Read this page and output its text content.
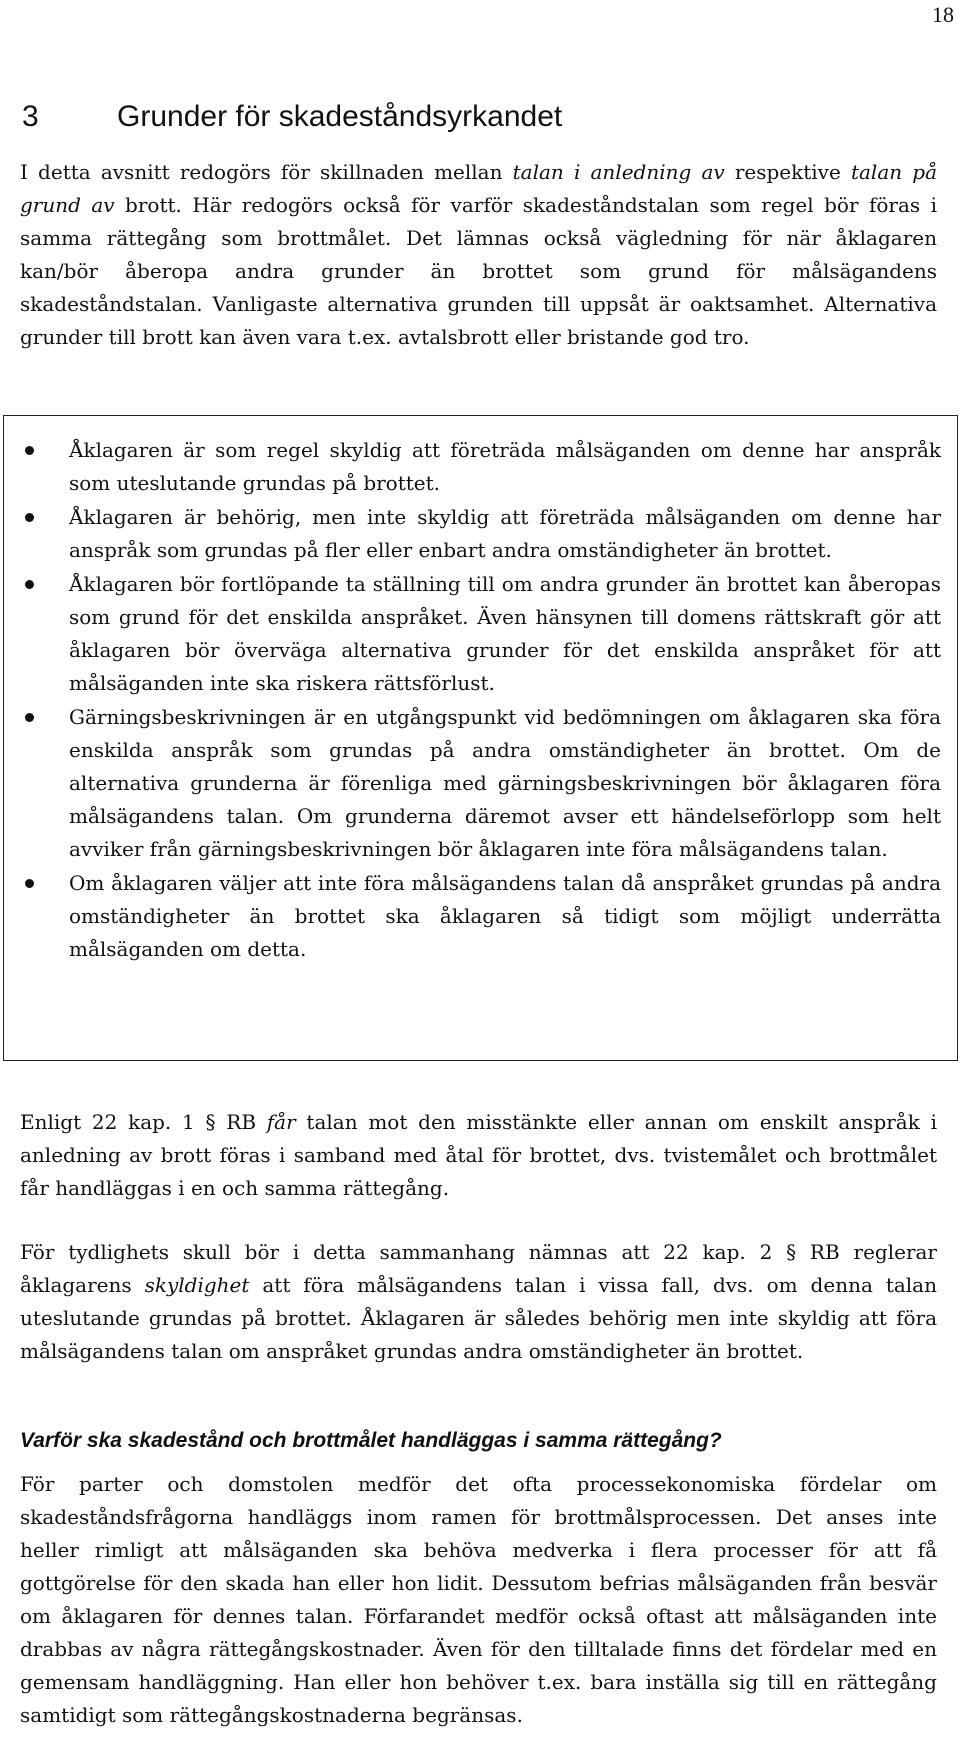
18
3	Grunder för skadeståndsyrkandet

I detta avsnitt redogörs för skillnaden mellan talan i anledning av respektive talan på grund av brott. Här redogörs också för varför skadeståndstalan som regel bör föras i samma rättegång som brottmålet. Det lämnas också vägledning för när åklagaren kan/bör åberopa andra grunder än brottet som grund för målsägandens skadeståndstalan. Vanligaste alternativa grunden till uppsåt är oaktsamhet. Alternativa grunder till brott kan även vara t.ex. avtalsbrott eller bristande god tro.

Åklagaren är som regel skyldig att företräda målsäganden om denne har anspråk som uteslutande grundas på brottet.
Åklagaren är behörig, men inte skyldig att företräda målsäganden om denne har anspråk som grundas på fler eller enbart andra omständigheter än brottet.
Åklagaren bör fortlöpande ta ställning till om andra grunder än brottet kan åberopas som grund för det enskilda anspråket. Även hänsynen till domens rättskraft gör att åklagaren bör överväga alternativa grunder för det enskilda anspråket för att målsäganden inte ska riskera rättsförlust.
Gärningsbeskrivningen är en utgångspunkt vid bedömningen om åklagaren ska föra enskilda anspråk som grundas på andra omständigheter än brottet. Om de alternativa grunderna är förenliga med gärningsbeskrivningen bör åklagaren föra målsägandens talan. Om grunderna däremot avser ett händelseförlopp som helt avviker från gärningsbeskrivningen bör åklagaren inte föra målsägandens talan.
Om åklagaren väljer att inte föra målsägandens talan då anspråket grundas på andra omständigheter än brottet ska åklagaren så tidigt som möjligt underrätta målsäganden om detta.

Enligt 22 kap. 1 § RB får talan mot den misstänkte eller annan om enskilt anspråk i anledning av brott föras i samband med åtal för brottet, dvs. tvistemålet och brottmålet får handläggas i en och samma rättegång.

För tydlighets skull bör i detta sammanhang nämnas att 22 kap. 2 § RB reglerar åklagarens skyldighet att föra målsägandens talan i vissa fall, dvs. om denna talan uteslutande grundas på brottet. Åklagaren är således behörig men inte skyldig att föra målsägandens talan om anspråket grundas andra omständigheter än brottet.

Varför ska skadestånd och brottmålet handläggas i samma rättegång?

För parter och domstolen medför det ofta processekonomiska fördelar om skadeståndsfrågorna handläggs inom ramen för brottmålsprocessen. Det anses inte heller rimligt att målsäganden ska behöva medverka i flera processer för att få gottgörelse för den skada han eller hon lidit. Dessutom befrias målsäganden från besvär om åklagaren för dennes talan. Förfarandet medför också oftast att målsäganden inte drabbas av några rättegångskostnader. Även för den tilltalade finns det fördelar med en gemensam handläggning. Han eller hon behöver t.ex. bara inställa sig till en rättegång samtidigt som rättegångskostnaderna begränsas.
